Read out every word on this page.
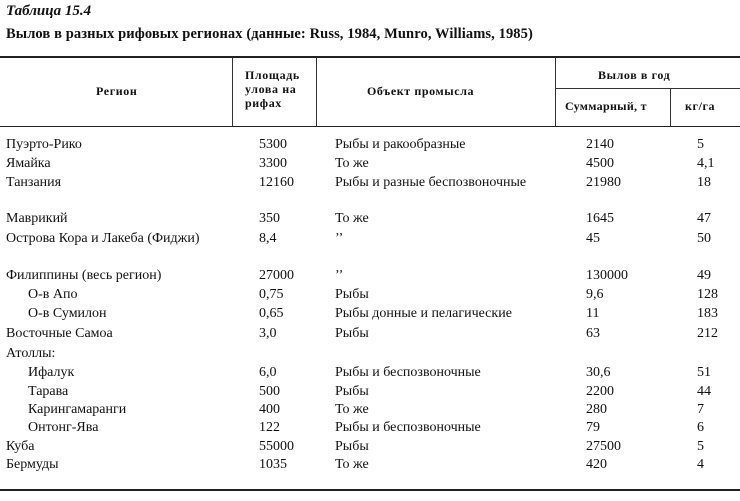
Таблица 15.4
Вылов в разных рифовых регионах (данные: Russ, 1984, Munro, Williams, 1985)
Регион
Площадь
улова на
рифах
Объект промысла
Вылов в год
Суммарный, т	кг/га
Пуэрто-Рико	5300	Рыбы и ракообразные	2140	5
Ямайка	3300	То же	4500	4,1
Танзания	12160	Рыбы и разные беспозвоночные	21980	18
Маврикий	350	То же	1645	47
Острова Кора и Лакеба (Фиджи)	8,4	’’	45	50
Филиппины (весь регион)	27000	’’	130000	49
О-в Апо	0,75	Рыбы	9,6	128
О-в Сумилон	0,65	Рыбы донные и пелагические	11	183
Восточные Самоа	3,0	Рыбы	63	212
Атоллы:
Ифалук	6,0	Рыбы и беспозвоночные	30,6	51
Тарава	500	Рыбы	2200	44
Карингамаранги	400	То же	280	7
Онтонг-Ява	122	Рыбы и беспозвоночные	79	6
Куба	55000	Рыбы	27500	5
Бермуды	1035	То же	420	4
